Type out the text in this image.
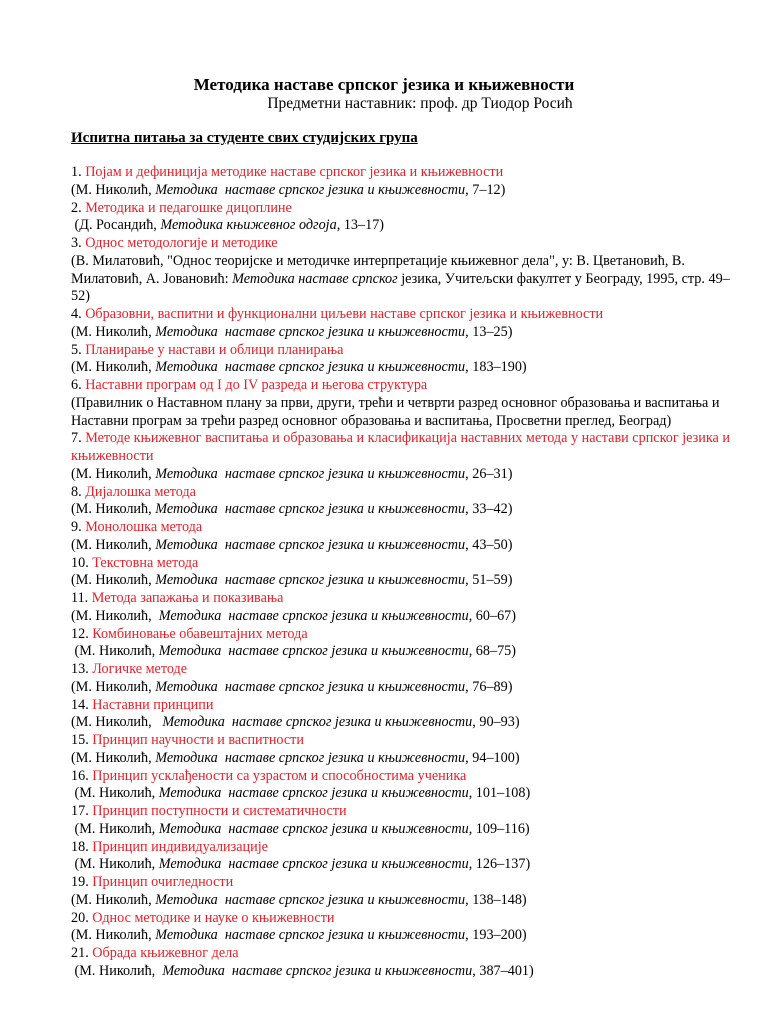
Методика наставе српског језика и књижевности
Предметни наставник: проф. др Тиодор Росић
Испитна питања за студенте свих студијских група
1. Појам и дефиниција методике наставе српског језика и књижевности
(М. Николић, Методика  наставе српског језика и књижевности, 7–12)
2. Методика и педагошке дицоплине
(Д. Росандић, Методика књижевног одгоја, 13–17)
3. Однос методологије и методике
(В. Милатовић, "Однос теоријске и методичке интерпретације књижевног дела", у: В. Цветановић, В. Милатовић, А. Јовановић: Методика наставе српског језика, Учитељски факултет у Београду, 1995, стр. 49–52)
4. Образовни, васпитни и функционални циљеви наставе српског језика и књижевности
(М. Николић, Методика  наставе српског језика и књижевности, 13–25)
5. Планирање у настави и облици планирања
(М. Николић, Методика  наставе српског језика и књижевности, 183–190)
6. Наставни програм од I до IV разреда и његова структура
(Правилник о Наставном плану за први, други, трећи и четврти разред основног образовања и васпитања и Наставни програм за трећи разред основног образовања и васпитања, Просветни преглед, Београд)
7. Методе књижевног васпитања и образовања и класификација наставних метода у настави српског језика и књижевности
(М. Николић, Методика  наставе српског језика и књижевности, 26–31)
8. Дијалошка метода
(М. Николић, Методика  наставе српског језика и књижевности, 33–42)
9. Монолошка метода
(М. Николић, Методика  наставе српског језика и књижевности, 43–50)
10. Текстовна метода
(М. Николић, Методика  наставе српског језика и књижевности, 51–59)
11. Метода запажања и показивања
(М. Николић,  Методика  наставе српског језика и књижевности, 60–67)
12. Комбиновање обавештајних метода
(М. Николић, Методика  наставе српског језика и књижевности, 68–75)
13. Логичке методе
(М. Николић, Методика  наставе српског језика и књижевности, 76–89)
14. Наставни принципи
(М. Николић,   Методика  наставе српског језика и књижевности, 90–93)
15. Принцип научности и васпитности
(М. Николић, Методика  наставе српског језика и књижевности, 94–100)
16. Принцип усклађености са узрастом и способностима ученика
(М. Николић, Методика  наставе српског језика и књижевности, 101–108)
17. Принцип поступности и систематичности
(М. Николић, Методика  наставе српског језика и књижевности, 109–116)
18. Принцип индивидуализације
(М. Николић, Методика  наставе српског језика и књижевности, 126–137)
19. Принцип очигледности
(М. Николић, Методика  наставе српског језика и књижевности, 138–148)
20. Однос методике и науке о књижевности
(М. Николић, Методика  наставе српског језика и књижевности, 193–200)
21. Обрада књижевног дела
(М. Николић,  Методика  наставе српског језика и књижевности, 387–401)
